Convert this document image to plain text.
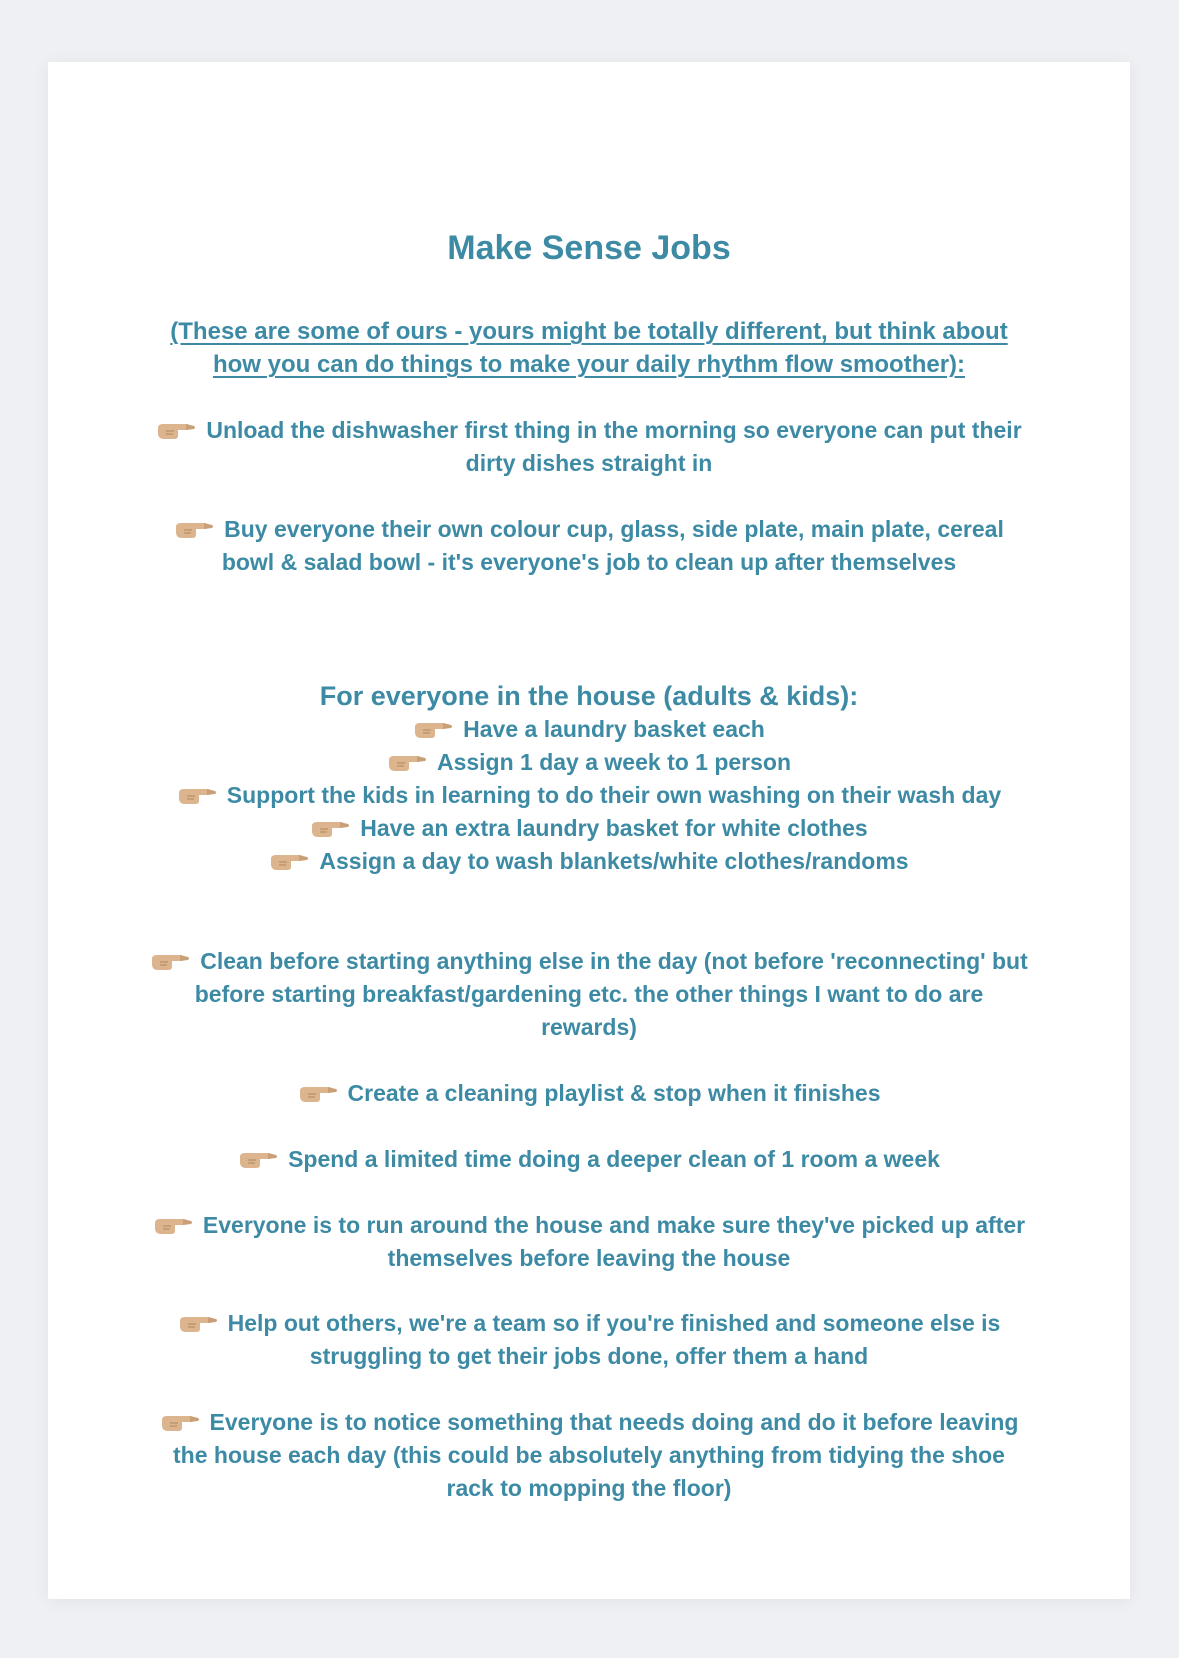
Make Sense Jobs
(These are some of ours - yours might be totally different, but think about how you can do things to make your daily rhythm flow smoother):
Unload the dishwasher first thing in the morning so everyone can put their dirty dishes straight in
Buy everyone their own colour cup, glass, side plate, main plate, cereal bowl & salad bowl - it's everyone's job to clean up after themselves
For everyone in the house (adults & kids):
Have a laundry basket each
Assign 1 day a week to 1 person
Support the kids in learning to do their own washing on their wash day
Have an extra laundry basket for white clothes
Assign a day to wash blankets/white clothes/randoms
Clean before starting anything else in the day (not before 'reconnecting' but before starting breakfast/gardening etc. the other things I want to do are rewards)
Create a cleaning playlist & stop when it finishes
Spend a limited time doing a deeper clean of 1 room a week
Everyone is to run around the house and make sure they've picked up after themselves before leaving the house
Help out others, we're a team so if you're finished and someone else is struggling to get their jobs done, offer them a hand
Everyone is to notice something that needs doing and do it before leaving the house each day (this could be absolutely anything from tidying the shoe rack to mopping the floor)
